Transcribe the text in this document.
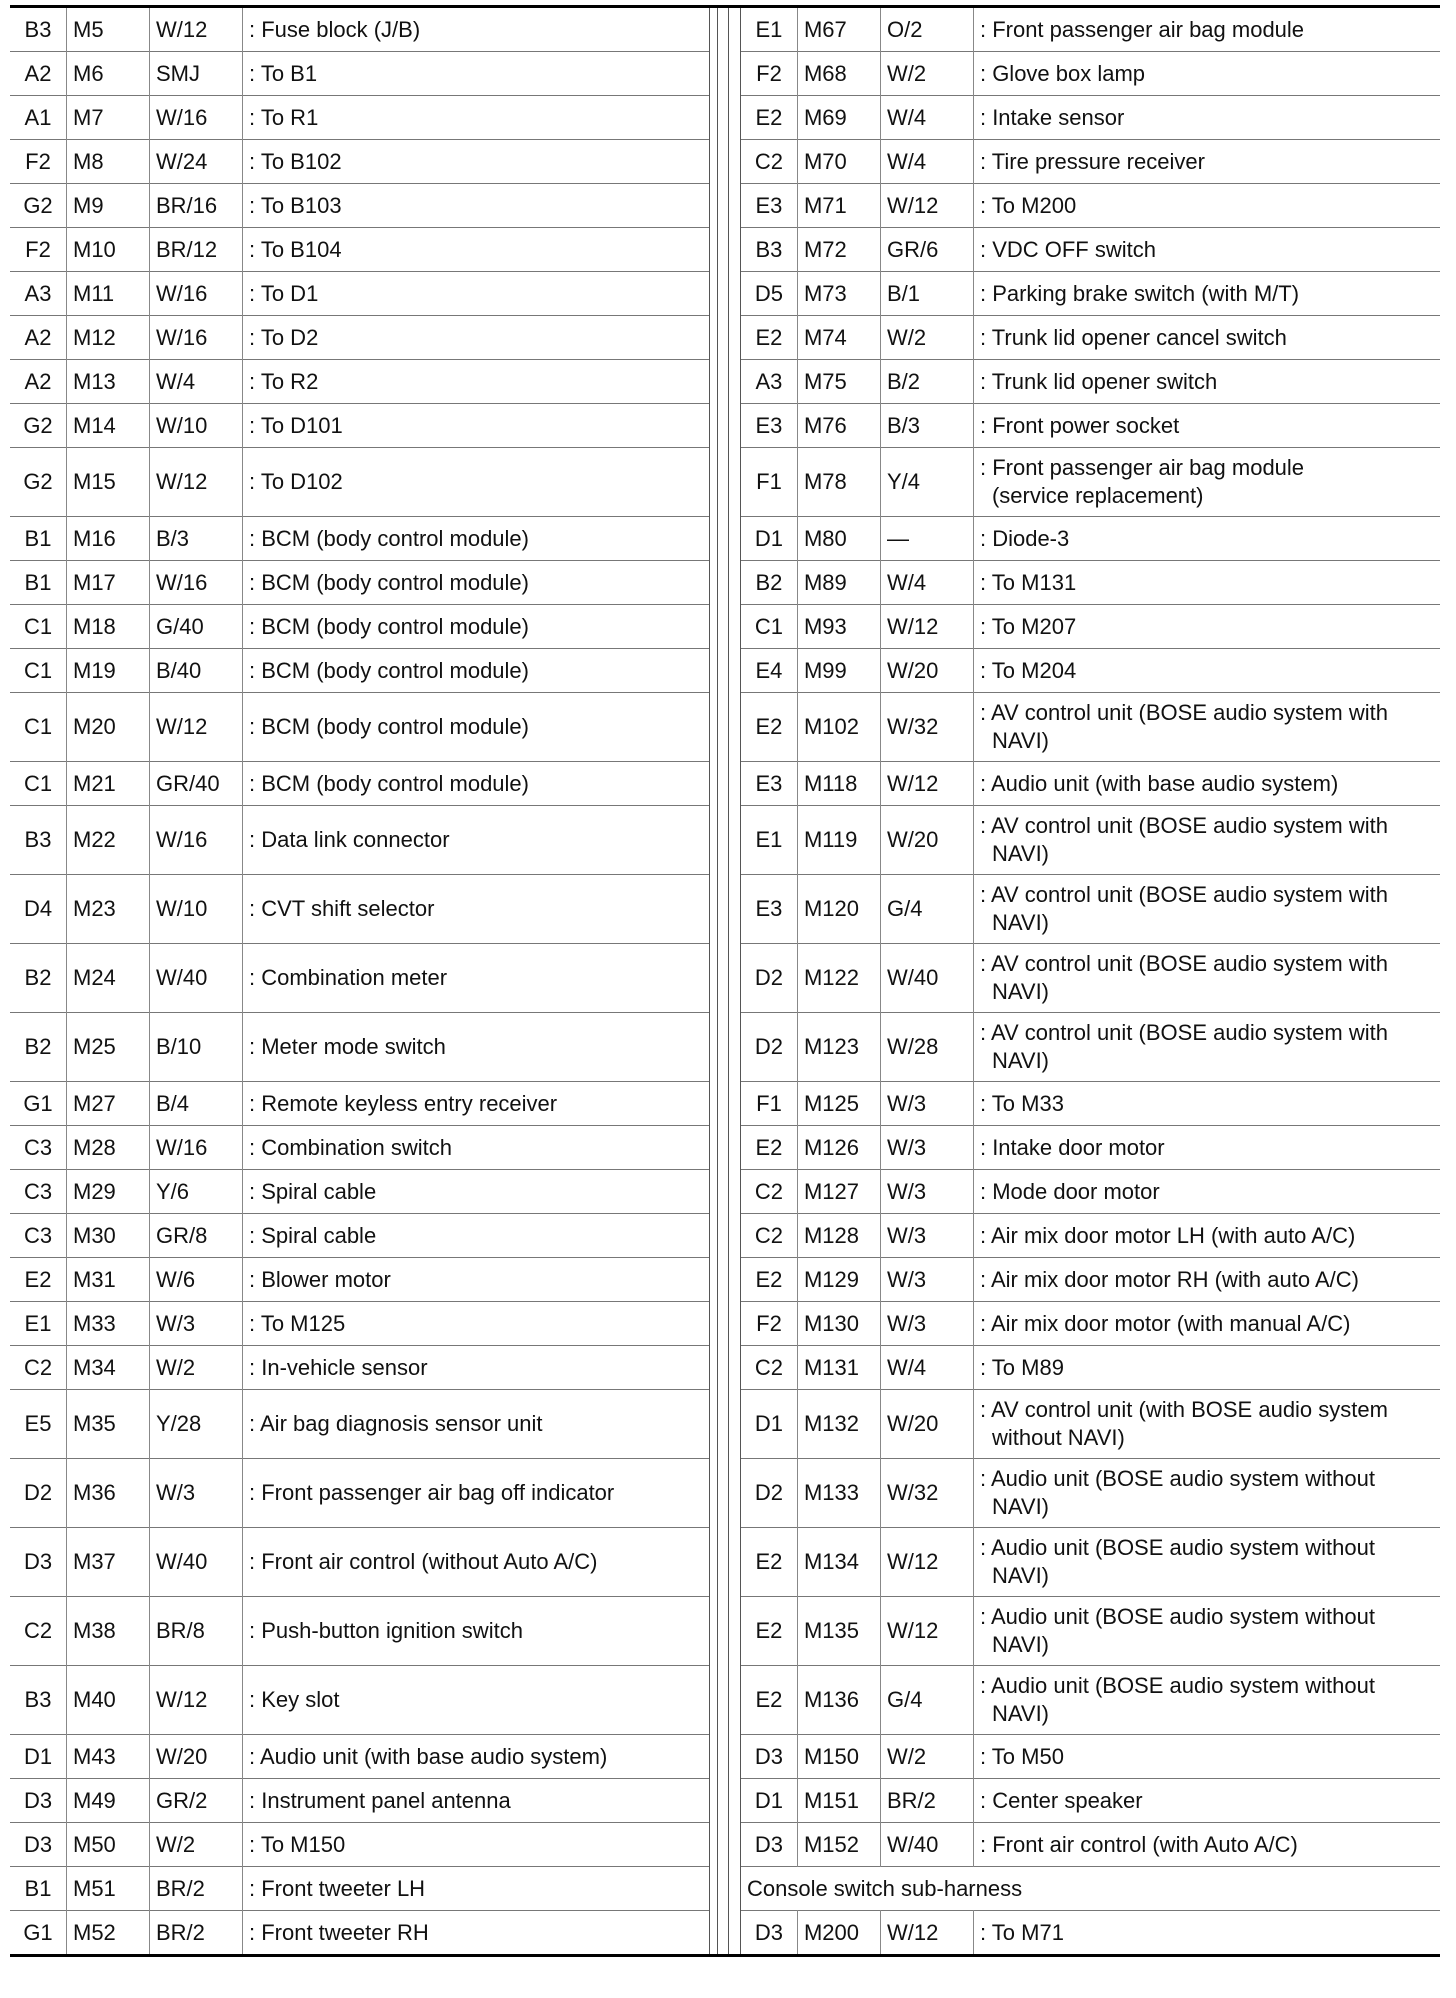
B3	M5	W/12	: Fuse block (J/B)

A2	M6	SMJ	: To B1

A1	M7	W/16	: To R1

F2	M8	W/24	: To B102

G2	M9	BR/16	: To B103

F2	M10	BR/12	: To B104

A3	M11	W/16	: To D1

A2	M12	W/16	: To D2

A2	M13	W/4	: To R2

G2	M14	W/10	: To D101

G2	M15	W/12	: To D102

B1	M16	B/3	: BCM (body control module)

B1	M17	W/16	: BCM (body control module)

C1	M18	G/40	: BCM (body control module)

C1	M19	B/40	: BCM (body control module)

C1	M20	W/12	: BCM (body control module)

C1	M21	GR/40	: BCM (body control module)

B3	M22	W/16	: Data link connector

D4	M23	W/10	: CVT shift selector

B2	M24	W/40	: Combination meter

B2	M25	B/10	: Meter mode switch

G1	M27	B/4	: Remote keyless entry receiver

C3	M28	W/16	: Combination switch

C3	M29	Y/6	: Spiral cable

C3	M30	GR/8	: Spiral cable

E2	M31	W/6	: Blower motor

E1	M33	W/3	: To M125

C2	M34	W/2	: In-vehicle sensor

E5	M35	Y/28	: Air bag diagnosis sensor unit

D2	M36	W/3	: Front passenger air bag off indicator

D3	M37	W/40	: Front air control (without Auto A/C)

C2	M38	BR/8	: Push-button ignition switch

B3	M40	W/12	: Key slot

D1	M43	W/20	: Audio unit (with base audio system)

D3	M49	GR/2	: Instrument panel antenna

D3	M50	W/2	: To M150

B1	M51	BR/2	: Front tweeter LH

G1	M52	BR/2	: Front tweeter RH
E1	M67	O/2	: Front passenger air bag module

F2	M68	W/2	: Glove box lamp

E2	M69	W/4	: Intake sensor

C2	M70	W/4	: Tire pressure receiver

E3	M71	W/12	: To M200

B3	M72	GR/6	: VDC OFF switch

D5	M73	B/1	: Parking brake switch (with M/T)

E2	M74	W/2	: Trunk lid opener cancel switch

A3	M75	B/2	: Trunk lid opener switch

E3	M76	B/3	: Front power socket

F1	M78	Y/4	: Front passenger air bag module
(service replacement)

D1	M80	—	: Diode-3

B2	M89	W/4	: To M131

C1	M93	W/12	: To M207

E4	M99	W/20	: To M204

E2	M102	W/32	: AV control unit (BOSE audio system with
NAVI)

E3	M118	W/12	: Audio unit (with base audio system)

E1	M119	W/20	: AV control unit (BOSE audio system with
NAVI)

E3	M120	G/4	: AV control unit (BOSE audio system with
NAVI)

D2	M122	W/40	: AV control unit (BOSE audio system with
NAVI)

D2	M123	W/28	: AV control unit (BOSE audio system with
NAVI)

F1	M125	W/3	: To M33

E2	M126	W/3	: Intake door motor

C2	M127	W/3	: Mode door motor

C2	M128	W/3	: Air mix door motor LH (with auto A/C)

E2	M129	W/3	: Air mix door motor RH (with auto A/C)

F2	M130	W/3	: Air mix door motor (with manual A/C)

C2	M131	W/4	: To M89

D1	M132	W/20	: AV control unit (with BOSE audio system
without NAVI)

D2	M133	W/32	: Audio unit (BOSE audio system without
NAVI)

E2	M134	W/12	: Audio unit (BOSE audio system without
NAVI)

E2	M135	W/12	: Audio unit (BOSE audio system without
NAVI)

E2	M136	G/4	: Audio unit (BOSE audio system without
NAVI)

D3	M150	W/2	: To M50

D1	M151	BR/2	: Center speaker

D3	M152	W/40	: Front air control (with Auto A/C)

Console switch sub-harness			
D3	M200	W/12	: To M71
